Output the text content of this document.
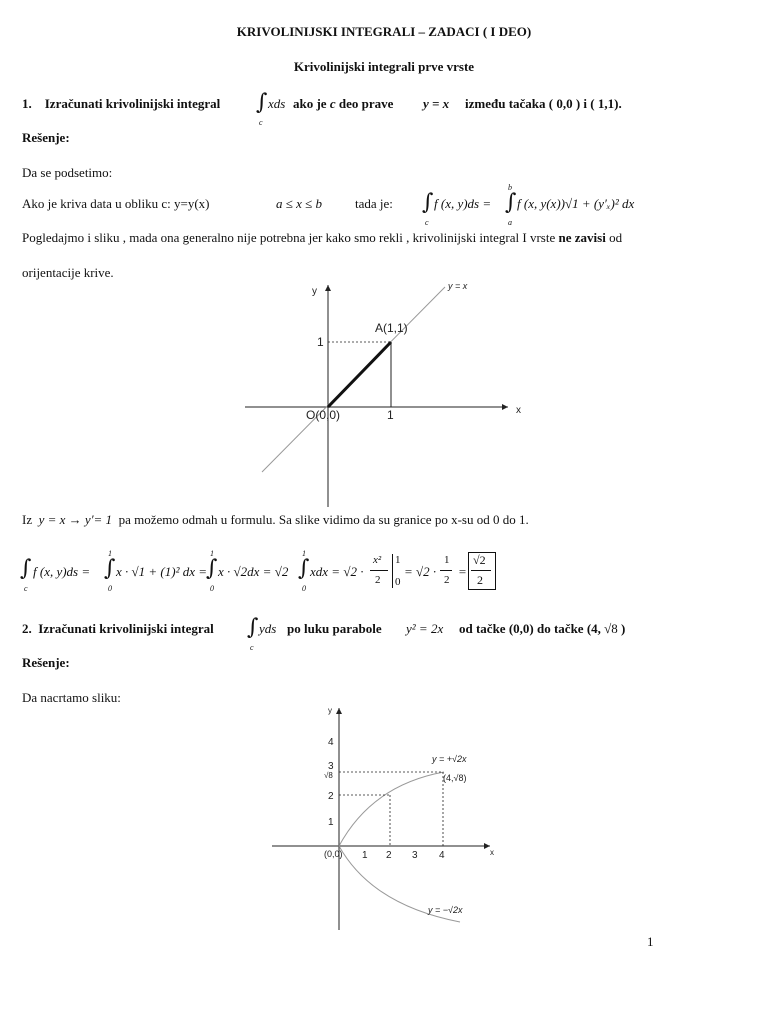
KRIVOLINIJSKI INTEGRALI – ZADACI ( I DEO)
Krivolinijski integrali prve vrste
1. Izračunati krivolinijski integral ∫
c
xds ako je c deo prave y = x između tačaka ( 0,0 ) i ( 1,1).
Rešenje:
Da se podsetimo:
Ako je kriva data u obliku c: y=y(x)	a ≤ x ≤ b	tada je: ∫
c
f (x, y)ds = ∫
b
a
f (x, y(x))√1 + (y′ₓ)² dx
Pogledajmo i sliku , mada ona generalno nije potrebna jer kako smo rekli , krivolinijski integral I vrste ne zavisi od
orijentacije krive.
y
x
y = x
A(1,1)
O(0,0)	1
1
Iz y = x → y′= 1 pa možemo odmah u formulu. Sa slike vidimo da su granice po x-su od 0 do 1.
∫
c
f (x, y)ds = ∫
1
0
x · √1 + (1)² dx =
∫
1
0
x · √2dx = √2 ∫
1
0
xdx = √2 ·
x²
2
1
0
= √2 ·
1
2
=
√2
2
2. Izračunati krivolinijski integral ∫
c
yds po luku parabole y² = 2x od tačke (0,0) do tačke (4, √8 )
Rešenje:
Da nacrtamo sliku:
y
x
4
3
√8
2
1
(0,0) 1 2 3 4
y = +√2x
(4,√8)
y = −√2x
1
